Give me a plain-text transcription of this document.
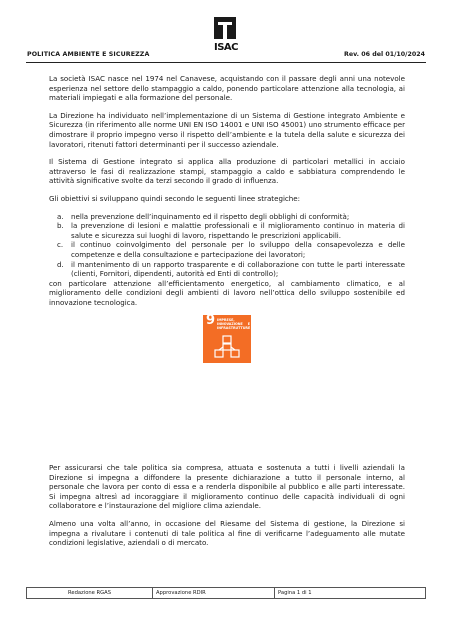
ISAC
POLITICA AMBIENTE E SICUREZZA	Rev. 06 del 01/10/2024

La società ISAC nasce nel 1974 nel Canavese, acquistando con il passare degli anni una notevole esperienza nel settore dello stampaggio a caldo, ponendo particolare attenzione alla tecnologia, ai materiali impiegati e alla formazione del personale.

La Direzione ha individuato nell’implementazione di un Sistema di Gestione integrato Ambiente e Sicurezza (in riferimento alle norme UNI EN ISO 14001 e UNI ISO 45001) uno strumento efficace per dimostrare il proprio impegno verso il rispetto dell’ambiente e la tutela della salute e sicurezza dei lavoratori, ritenuti fattori determinanti per il successo aziendale.

Il Sistema di Gestione integrato si applica alla produzione di particolari metallici in acciaio attraverso le fasi di realizzazione stampi, stampaggio a caldo e sabbiatura comprendendo le attività significative svolte da terzi secondo il grado di influenza.

Gli obiettivi si sviluppano quindi secondo le seguenti linee strategiche:

a. nella prevenzione dell’inquinamento ed il rispetto degli obblighi di conformità;
b. la prevenzione di lesioni e malattie professionali e il miglioramento continuo in materia di salute e sicurezza sui luoghi di lavoro, rispettando le prescrizioni applicabili.
c. il continuo coinvolgimento del personale per lo sviluppo della consapevolezza e delle competenze e della consultazione e partecipazione dei lavoratori;
d. il mantenimento di un rapporto trasparente e di collaborazione con tutte le parti interessate (clienti, Fornitori, dipendenti, autorità ed Enti di controllo);

con particolare attenzione all’efficientamento energetico, al cambiamento climatico, e al miglioramento delle condizioni degli ambienti di lavoro nell’ottica dello sviluppo sostenibile ed innovazione tecnologica.

9 IMPRESE, INNOVAZIONE E INFRASTRUTTURE

Per assicurarsi che tale politica sia compresa, attuata e sostenuta a tutti i livelli aziendali la Direzione si impegna a diffondere la presente dichiarazione a tutto il personale interno, al personale che lavora per conto di essa e a renderla disponibile al pubblico e alle parti interessate. Si impegna altresì ad incoraggiare il miglioramento continuo delle capacità individuali di ogni collaboratore e l’instaurazione del migliore clima aziendale.

Almeno una volta all’anno, in occasione del Riesame del Sistema di gestione, la Direzione si impegna a rivalutare i contenuti di tale politica al fine di verificarne l’adeguamento alle mutate condizioni legislative, aziendali o di mercato.

Redazione RGAS	Approvazione RDIR	Pagina 1 di 1
